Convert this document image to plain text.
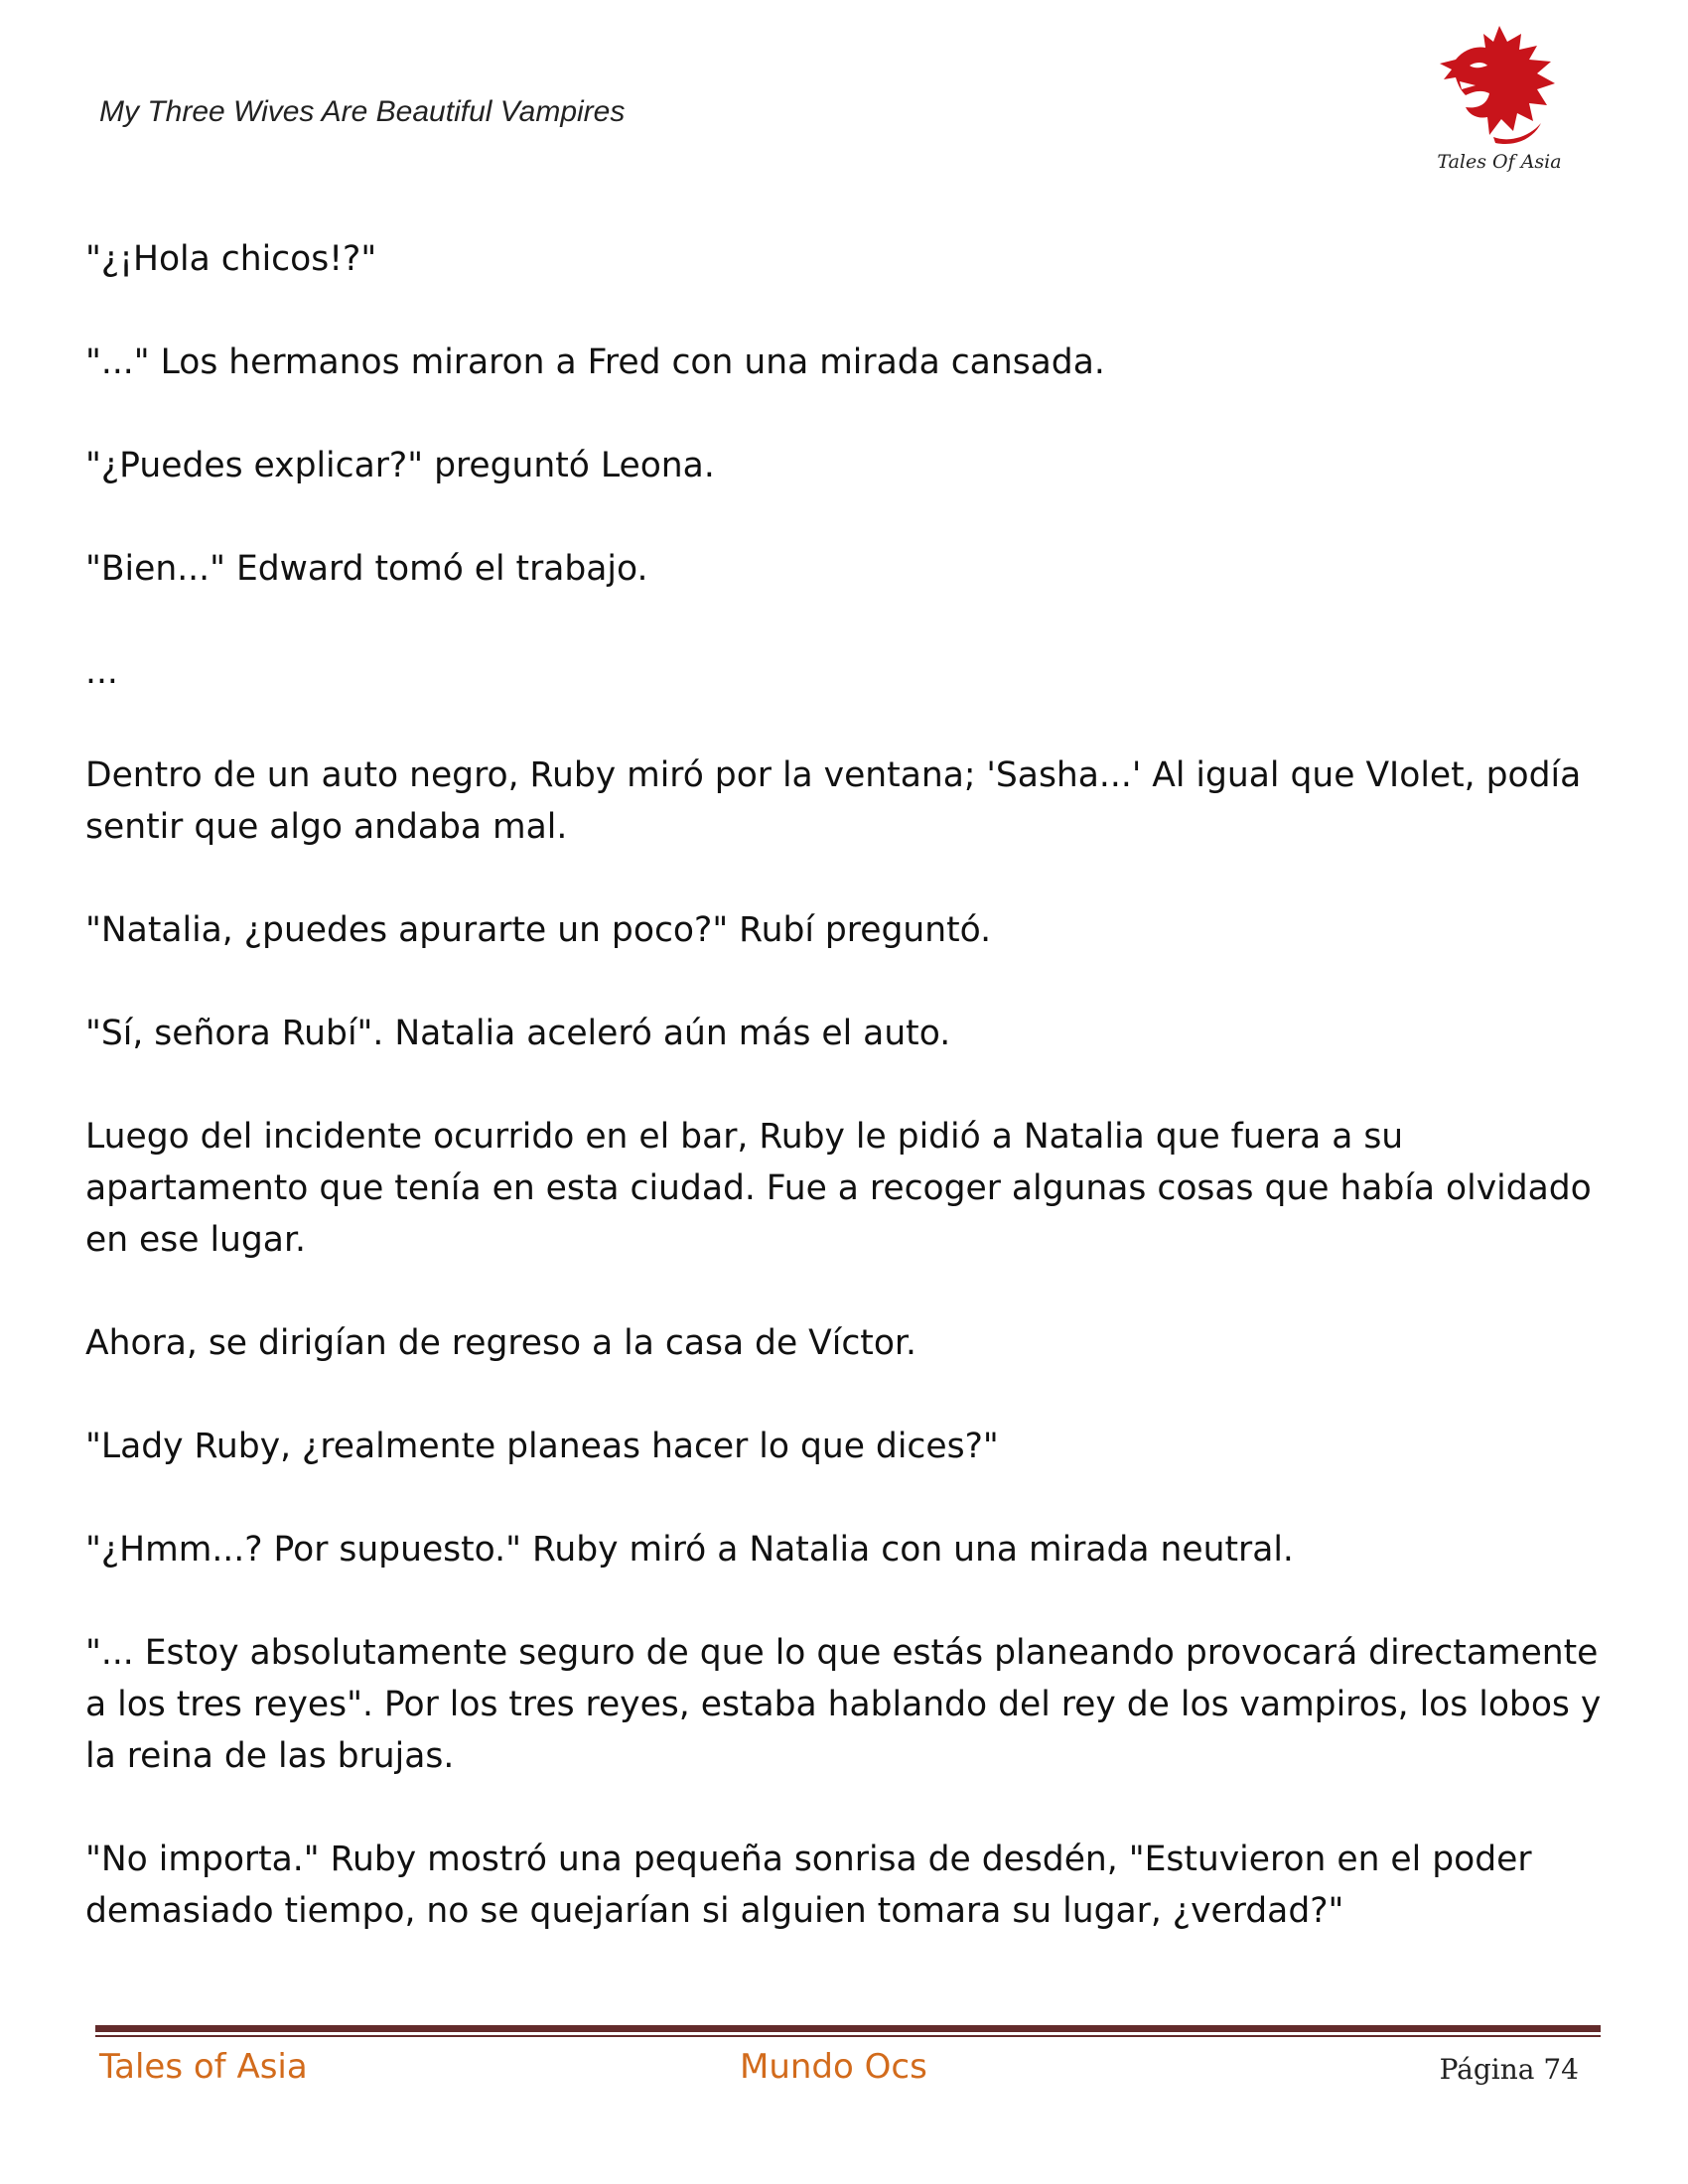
My Three Wives Are Beautiful Vampires
Tales Of Asia

"¿¡Hola chicos!?"

"..." Los hermanos miraron a Fred con una mirada cansada.

"¿Puedes explicar?" preguntó Leona.

"Bien..." Edward tomó el trabajo.

...

Dentro de un auto negro, Ruby miró por la ventana; 'Sasha...' Al igual que VIolet, podía sentir que algo andaba mal.

"Natalia, ¿puedes apurarte un poco?" Rubí preguntó.

"Sí, señora Rubí". Natalia aceleró aún más el auto.

Luego del incidente ocurrido en el bar, Ruby le pidió a Natalia que fuera a su apartamento que tenía en esta ciudad. Fue a recoger algunas cosas que había olvidado en ese lugar.

Ahora, se dirigían de regreso a la casa de Víctor.

"Lady Ruby, ¿realmente planeas hacer lo que dices?"

"¿Hmm...? Por supuesto." Ruby miró a Natalia con una mirada neutral.

"... Estoy absolutamente seguro de que lo que estás planeando provocará directamente a los tres reyes". Por los tres reyes, estaba hablando del rey de los vampiros, los lobos y la reina de las brujas.

"No importa." Ruby mostró una pequeña sonrisa de desdén, "Estuvieron en el poder demasiado tiempo, no se quejarían si alguien tomara su lugar, ¿verdad?"

Tales of Asia	Mundo Ocs	Página 74
